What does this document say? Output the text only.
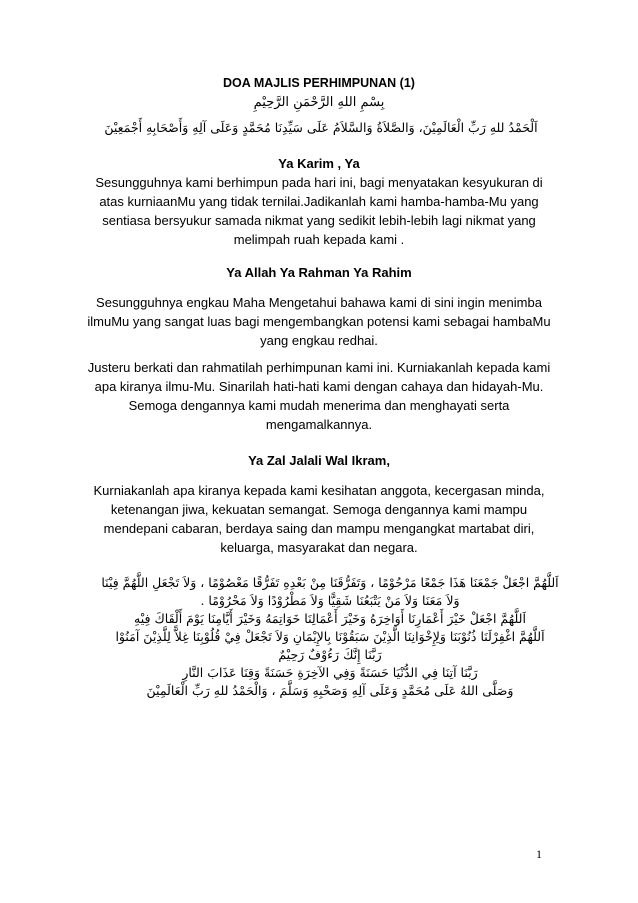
DOA MAJLIS PERHIMPUNAN (1)
بِسْمِ اللهِ الرَّحْمَنِ الرَّحِيْمِ
اَلْحَمْدُ للهِ رَبِّ الْعَالَمِيْنَ، وَالصَّلاَةُ وَالسَّلاَمُ عَلَى سَيِّدِنَا مُحَمَّدٍ وَعَلَى آلِهِ وَأَصْحَابِهِ أَجْمَعِيْنَ
Ya Karim , Ya
Sesungguhnya kami berhimpun pada hari ini, bagi menyatakan kesyukuran di
atas kurniaanMu yang tidak ternilai.Jadikanlah kami hamba-hamba-Mu yang
sentiasa bersyukur samada nikmat yang sedikit lebih-lebih lagi nikmat yang
melimpah ruah kepada kami .
Ya Allah Ya Rahman Ya Rahim
Sesungguhnya engkau Maha Mengetahui bahawa kami di sini ingin menimba
ilmuMu yang sangat luas bagi mengembangkan potensi kami sebagai hambaMu
yang engkau redhai.
Justeru berkati dan rahmatilah perhimpunan kami ini. Kurniakanlah kepada kami
apa kiranya ilmu-Mu. Sinarilah hati-hati kami dengan cahaya dan hidayah-Mu.
Semoga dengannya kami mudah menerima dan menghayati serta
mengamalkannya.
Ya Zal Jalali Wal Ikram,
Kurniakanlah apa kiranya kepada kami kesihatan anggota, kecergasan minda,
ketenangan jiwa, kekuatan semangat. Semoga dengannya kami mampu
mendepani cabaran, berdaya saing dan mampu mengangkat martabat diri,
keluarga, masyarakat dan negara.
اَللَّهُمَّ اجْعَلْ جَمْعَنَا هَذَا جَمْعًا مَرْحُوْمًا ، وَتَفَرُّقَنَا مِنْ بَعْدِهِ تَفَرُّقًا مَعْصُوْمًا ، وَلاَ تَجْعَلِ اللَّهُمَّ فِيْنَا
وَلاَ مَعَنَا وَلاَ مَنْ يَتْبَعُنَا شَقِيًّا وَلاَ مَطْرُوْدًا وَلاَ مَحْرُوْمًا .
اَللَّهُمَّ اجْعَلْ خَيْرَ أَعْمَارِنَا أَوَاخِرَهُ وَخَيْرَ أَعْمَالِنَا خَوَاتِمَهُ وَخَيْرَ أَيَّامِنَا يَوْمَ أَلْقَاكَ فِيْهِ
اَللَّهُمَّ اغْفِرْلَنَا ذُنُوْبَنَا وَلِإِخْوَانِنَا الَّذِيْنَ سَبَقُوْنَا بِالإِيْمَانِ وَلاَ تَجْعَلْ فِيْ قُلُوْبِنَا غِلاًّ لِلَّذِيْنَ آمَنُوْا
رَبَّنَا إِنَّكَ رَءُوْفٌ رَحِيْمٌ
رَبَّنَا آتِنَا فِي الدُّنْيَا حَسَنَةً وَفِي الآخِرَةِ حَسَنَةً وَقِنَا عَذَابَ النَّارِ
وَصَلَّى اللهُ عَلَى مُحَمَّدٍ وَعَلَى آلِهِ وَصَحْبِهِ وَسَلَّمَ ، وَالْحَمْدُ للهِ رَبِّ الْعَالَمِيْنَ
1
